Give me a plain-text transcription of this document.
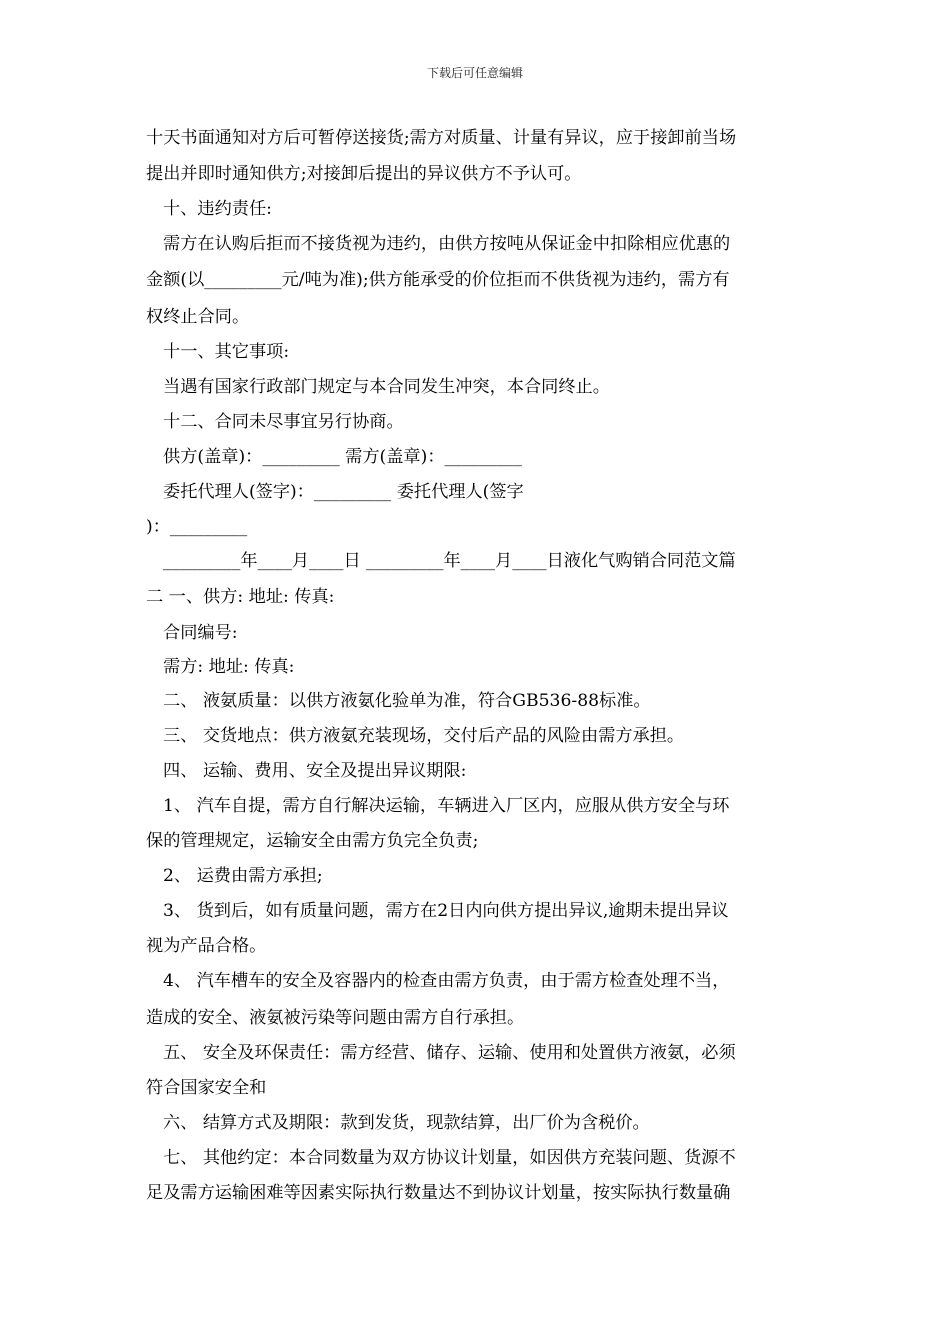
下载后可任意编辑
十天书面通知对方后可暂停送接货;需方对质量、计量有异议，应于接卸前当场
提出并即时通知供方;对接卸后提出的异议供方不予认可。
十、违约责任:
需方在认购后拒而不接货视为违约，由供方按吨从保证金中扣除相应优惠的
金额(以_________元/吨为准);供方能承受的价位拒而不供货视为违约，需方有
权终止合同。
十一、其它事项:
当遇有国家行政部门规定与本合同发生冲突，本合同终止。
十二、合同未尽事宜另行协商。
供方(盖章)：_________ 需方(盖章)：_________
委托代理人(签字)：_________ 委托代理人(签字
)：_________
_________年____月____日 _________年____月____日液化气购销合同范文篇
二 一、供方: 地址: 传真:
合同编号:
需方: 地址: 传真:
二、 液氨质量：以供方液氨化验单为准，符合GB536-88标准。
三、 交货地点：供方液氨充装现场，交付后产品的风险由需方承担。
四、 运输、费用、安全及提出异议期限:
1、 汽车自提，需方自行解决运输，车辆进入厂区内，应服从供方安全与环
保的管理规定，运输安全由需方负完全负责;
2、 运费由需方承担;
3、 货到后，如有质量问题，需方在2日内向供方提出异议,逾期未提出异议
视为产品合格。
4、 汽车槽车的安全及容器内的检查由需方负责，由于需方检查处理不当，
造成的安全、液氨被污染等问题由需方自行承担。
五、 安全及环保责任：需方经营、储存、运输、使用和处置供方液氨，必须
符合国家安全和
六、 结算方式及期限：款到发货，现款结算，出厂价为含税价。
七、 其他约定：本合同数量为双方协议计划量，如因供方充装问题、货源不
足及需方运输困难等因素实际执行数量达不到协议计划量，按实际执行数量确
